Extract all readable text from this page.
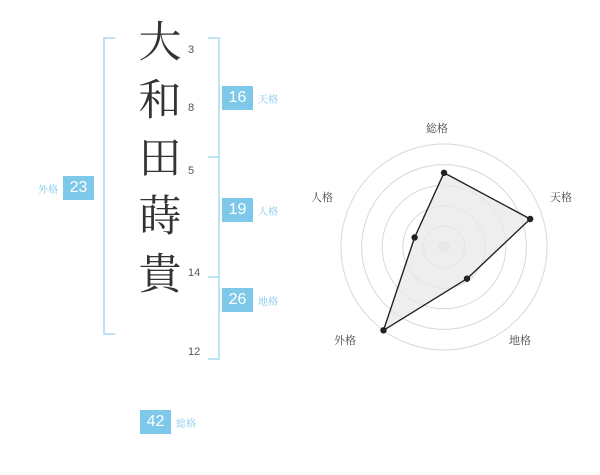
大
和
田
蒔
貴
3
8
5
14
12
外格 23
16	天格
19	人格
26	地格
42	総格
総格
天格
地格
外格
人格
